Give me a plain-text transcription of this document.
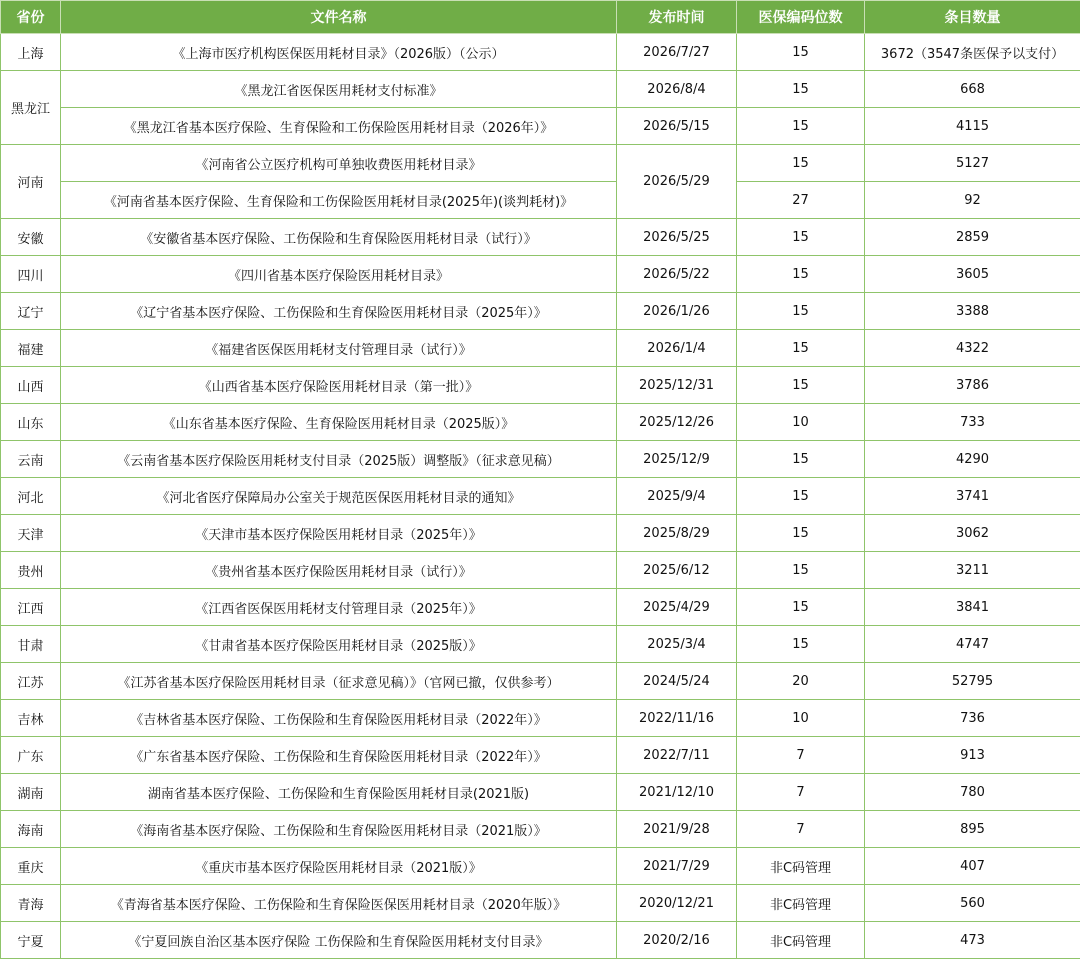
省份	文件名称	发布时间	医保编码位数	条目数量
上海	《上海市医疗机构医保医用耗材目录》（2026版）（公示）	2026/7/27	15	3672（3547条医保予以支付）
黑龙江	《黑龙江省医保医用耗材支付标准》	2026/8/4	15	668
	《黑龙江省基本医疗保险、生育保险和工伤保险医用耗材目录（2026年）》	2026/5/15	15	4115
河南	《河南省公立医疗机构可单独收费医用耗材目录》	2026/5/29	15	5127
	《河南省基本医疗保险、生育保险和工伤保险医用耗材目录(2025年)(谈判耗材)》		27	92
安徽	《安徽省基本医疗保险、工伤保险和生育保险医用耗材目录（试行）》	2026/5/25	15	2859
四川	《四川省基本医疗保险医用耗材目录》	2026/5/22	15	3605
辽宁	《辽宁省基本医疗保险、工伤保险和生育保险医用耗材目录（2025年）》	2026/1/26	15	3388
福建	《福建省医保医用耗材支付管理目录（试行）》	2026/1/4	15	4322
山西	《山西省基本医疗保险医用耗材目录（第一批）》	2025/12/31	15	3786
山东	《山东省基本医疗保险、生育保险医用耗材目录（2025版）》	2025/12/26	10	733
云南	《云南省基本医疗保险医用耗材支付目录（2025版）调整版》（征求意见稿）	2025/12/9	15	4290
河北	《河北省医疗保障局办公室关于规范医保医用耗材目录的通知》	2025/9/4	15	3741
天津	《天津市基本医疗保险医用耗材目录（2025年）》	2025/8/29	15	3062
贵州	《贵州省基本医疗保险医用耗材目录（试行）》	2025/6/12	15	3211
江西	《江西省医保医用耗材支付管理目录（2025年）》	2025/4/29	15	3841
甘肃	《甘肃省基本医疗保险医用耗材目录（2025版）》	2025/3/4	15	4747
江苏	《江苏省基本医疗保险医用耗材目录（征求意见稿）》（官网已撤，仅供参考）	2024/5/24	20	52795
吉林	《吉林省基本医疗保险、工伤保险和生育保险医用耗材目录（2022年）》	2022/11/16	10	736
广东	《广东省基本医疗保险、工伤保险和生育保险医用耗材目录（2022年）》	2022/7/11	7	913
湖南	湖南省基本医疗保险、工伤保险和生育保险医用耗材目录(2021版)	2021/12/10	7	780
海南	《海南省基本医疗保险、工伤保险和生育保险医用耗材目录（2021版）》	2021/9/28	7	895
重庆	《重庆市基本医疗保险医用耗材目录（2021版）》	2021/7/29	非C码管理	407
青海	《青海省基本医疗保险、工伤保险和生育保险医保医用耗材目录（2020年版）》	2020/12/21	非C码管理	560
宁夏	《宁夏回族自治区基本医疗保险 工伤保险和生育保险医用耗材支付目录》	2020/2/16	非C码管理	473
